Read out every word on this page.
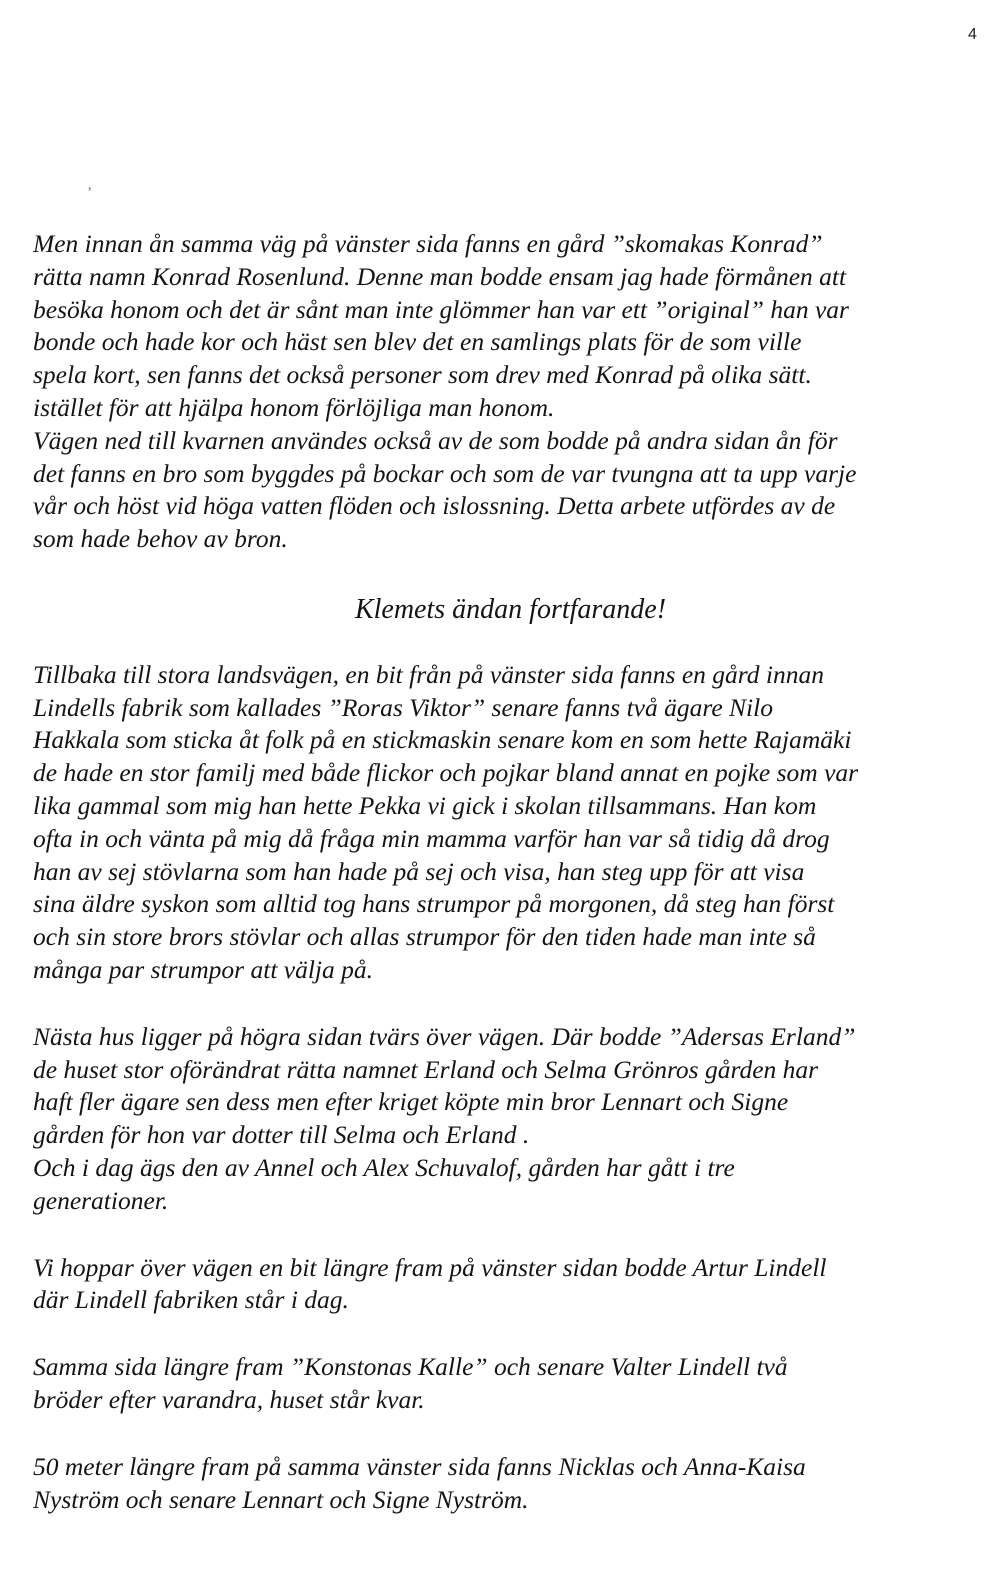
4
,

Men innan ån samma väg på vänster sida fanns en gård ”skomakas Konrad”
rätta namn Konrad Rosenlund. Denne man bodde ensam jag hade förmånen att
besöka honom och det är sånt man inte glömmer han var ett ”original” han var
bonde och hade kor och häst sen blev det en samlings plats för de som ville
spela kort, sen fanns det också personer som drev med Konrad på olika sätt.
istället för att hjälpa honom förlöjliga man honom.
Vägen ned till kvarnen användes också av de som bodde på andra sidan ån för
det fanns en bro som byggdes på bockar och som de var tvungna att ta upp varje
vår och höst vid höga vatten flöden och islossning. Detta arbete utfördes av de
som hade behov av bron.

Klemets ändan fortfarande!

Tillbaka till stora landsvägen, en bit från på vänster sida fanns en gård innan
Lindells fabrik som kallades ”Roras Viktor” senare fanns två ägare Nilo
Hakkala som sticka åt folk på en stickmaskin senare kom en som hette Rajamäki
de hade en stor familj med både flickor och pojkar bland annat en pojke som var
lika gammal som mig han hette Pekka vi gick i skolan tillsammans. Han kom
ofta in och vänta på mig då fråga min mamma varför han var så tidig då drog
han av sej stövlarna som han hade på sej och visa, han steg upp för att visa
sina äldre syskon som alltid tog hans strumpor på morgonen, då steg han först
och sin store brors stövlar och allas strumpor för den tiden hade man inte så
många par strumpor att välja på.

Nästa hus ligger på högra sidan tvärs över vägen. Där bodde ”Adersas Erland”
de huset stor oförändrat rätta namnet Erland och Selma Grönros gården har
haft fler ägare sen dess men efter kriget köpte min bror Lennart och Signe
gården för hon var dotter till Selma och Erland .
Och i dag ägs den av Annel och Alex Schuvalof, gården har gått i tre
generationer.

Vi hoppar över vägen en bit längre fram på vänster sidan bodde Artur Lindell
där Lindell fabriken står i dag.

Samma sida längre fram ”Konstonas Kalle” och senare Valter Lindell två
bröder efter varandra, huset står kvar.

50 meter längre fram på samma vänster sida fanns Nicklas och Anna-Kaisa
Nyström och senare Lennart och Signe Nyström.
